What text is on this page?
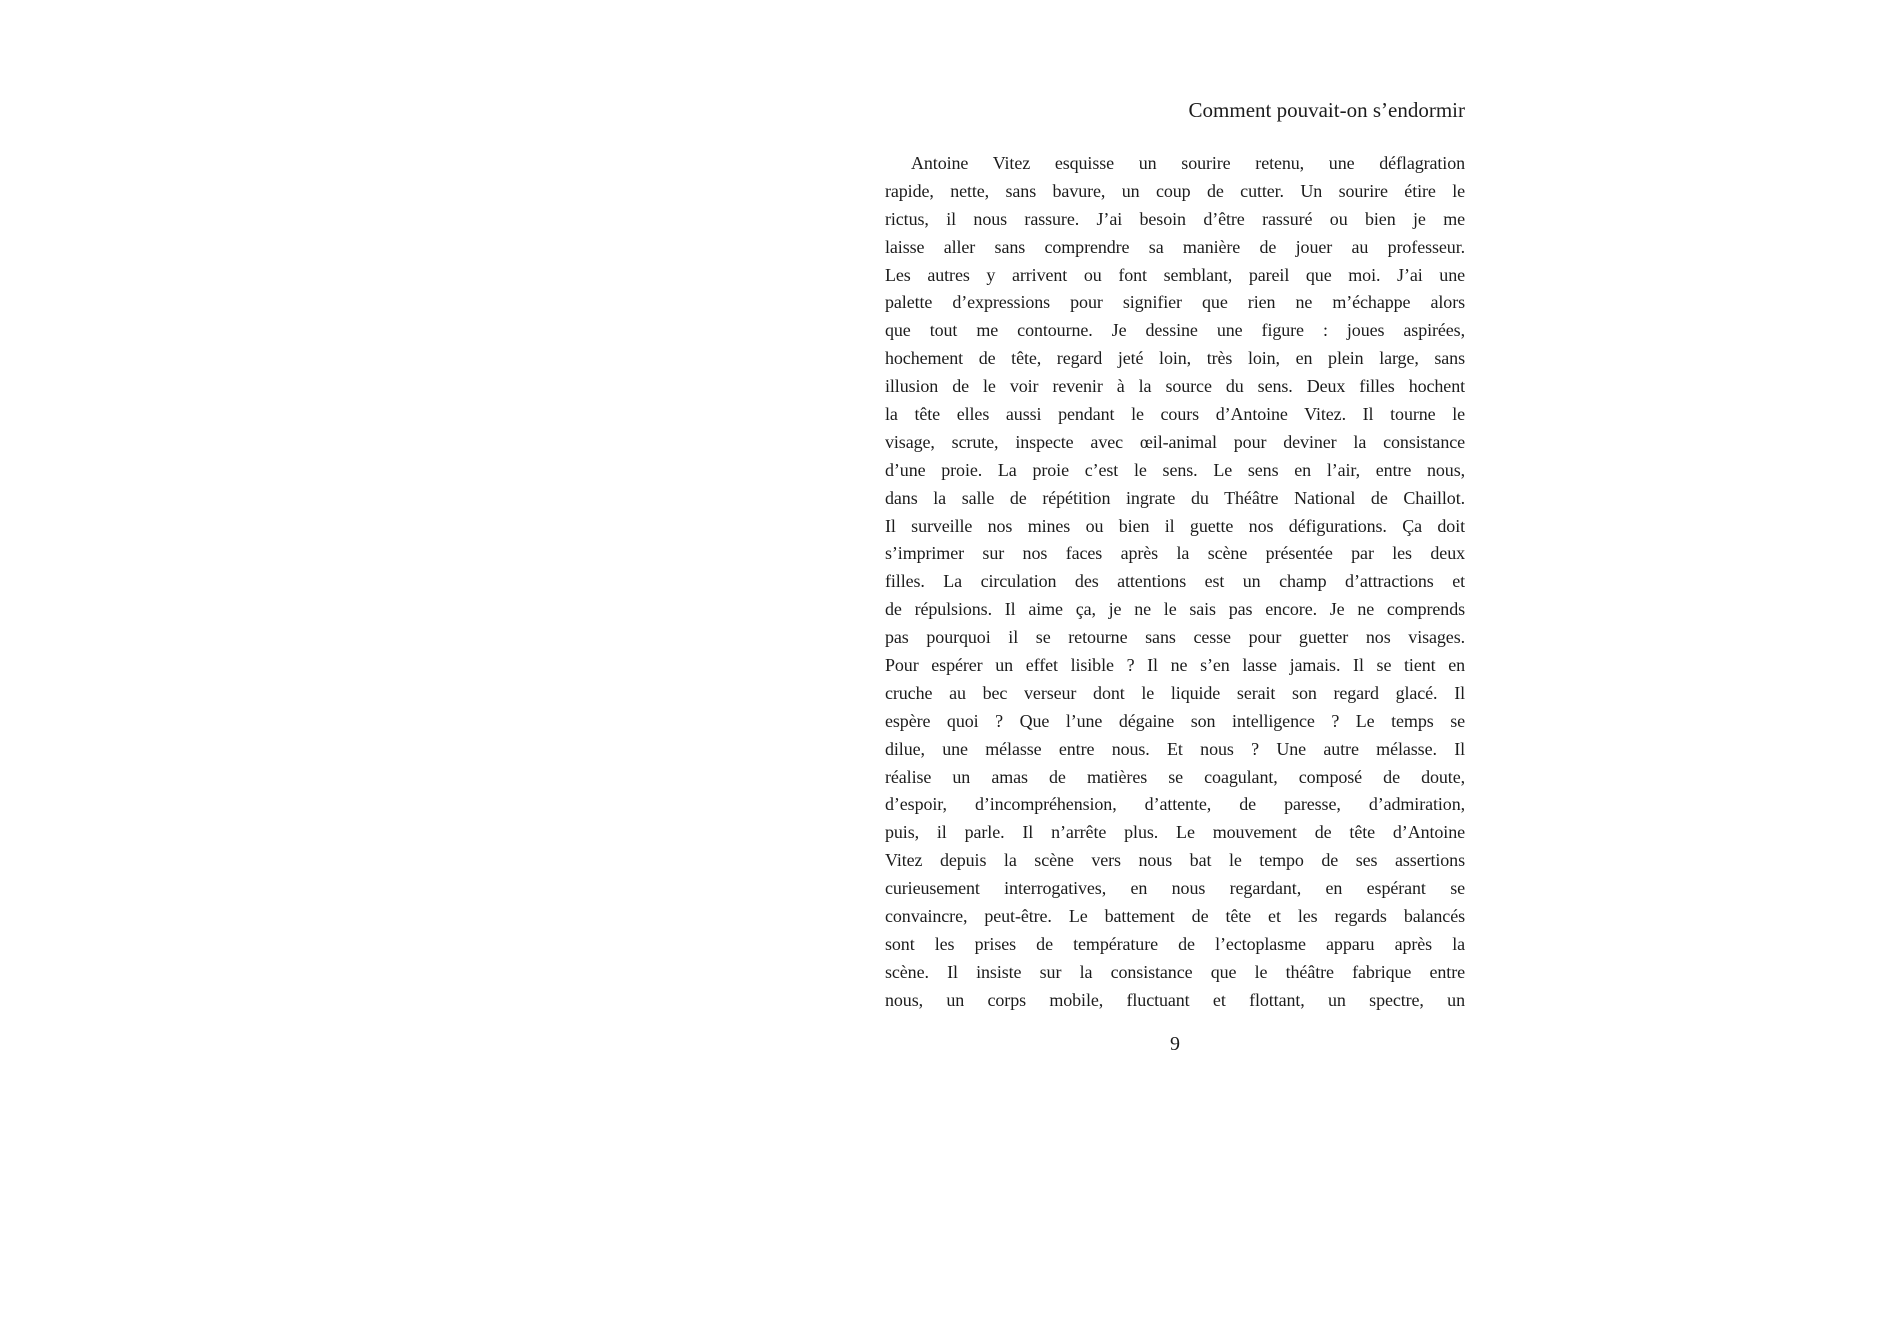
Comment pouvait-on s’endormir
Antoine Vitez esquisse un sourire retenu, une déflagration
rapide, nette, sans bavure, un coup de cutter. Un sourire étire le
rictus, il nous rassure. J’ai besoin d’être rassuré ou bien je me
laisse aller sans comprendre sa manière de jouer au professeur.
Les autres y arrivent ou font semblant, pareil que moi. J’ai une
palette d’expressions pour signifier que rien ne m’échappe alors
que tout me contourne. Je dessine une figure : joues aspirées,
hochement de tête, regard jeté loin, très loin, en plein large, sans
illusion de le voir revenir à la source du sens. Deux filles hochent
la tête elles aussi pendant le cours d’Antoine Vitez. Il tourne le
visage, scrute, inspecte avec œil-animal pour deviner la consistance
d’une proie. La proie c’est le sens. Le sens en l’air, entre nous,
dans la salle de répétition ingrate du Théâtre National de Chaillot.
Il surveille nos mines ou bien il guette nos défigurations. Ça doit
s’imprimer sur nos faces après la scène présentée par les deux
filles. La circulation des attentions est un champ d’attractions et
de répulsions. Il aime ça, je ne le sais pas encore. Je ne comprends
pas pourquoi il se retourne sans cesse pour guetter nos visages.
Pour espérer un effet lisible ? Il ne s’en lasse jamais. Il se tient en
cruche au bec verseur dont le liquide serait son regard glacé. Il
espère quoi ? Que l’une dégaine son intelligence ? Le temps se
dilue, une mélasse entre nous. Et nous ? Une autre mélasse. Il
réalise un amas de matières se coagulant, composé de doute,
d’espoir, d’incompréhension, d’attente, de paresse, d’admiration,
puis, il parle. Il n’arrête plus. Le mouvement de tête d’Antoine
Vitez depuis la scène vers nous bat le tempo de ses assertions
curieusement interrogatives, en nous regardant, en espérant se
convaincre, peut-être. Le battement de tête et les regards balancés
sont les prises de température de l’ectoplasme apparu après la
scène. Il insiste sur la consistance que le théâtre fabrique entre
nous, un corps mobile, fluctuant et flottant, un spectre, un
9
